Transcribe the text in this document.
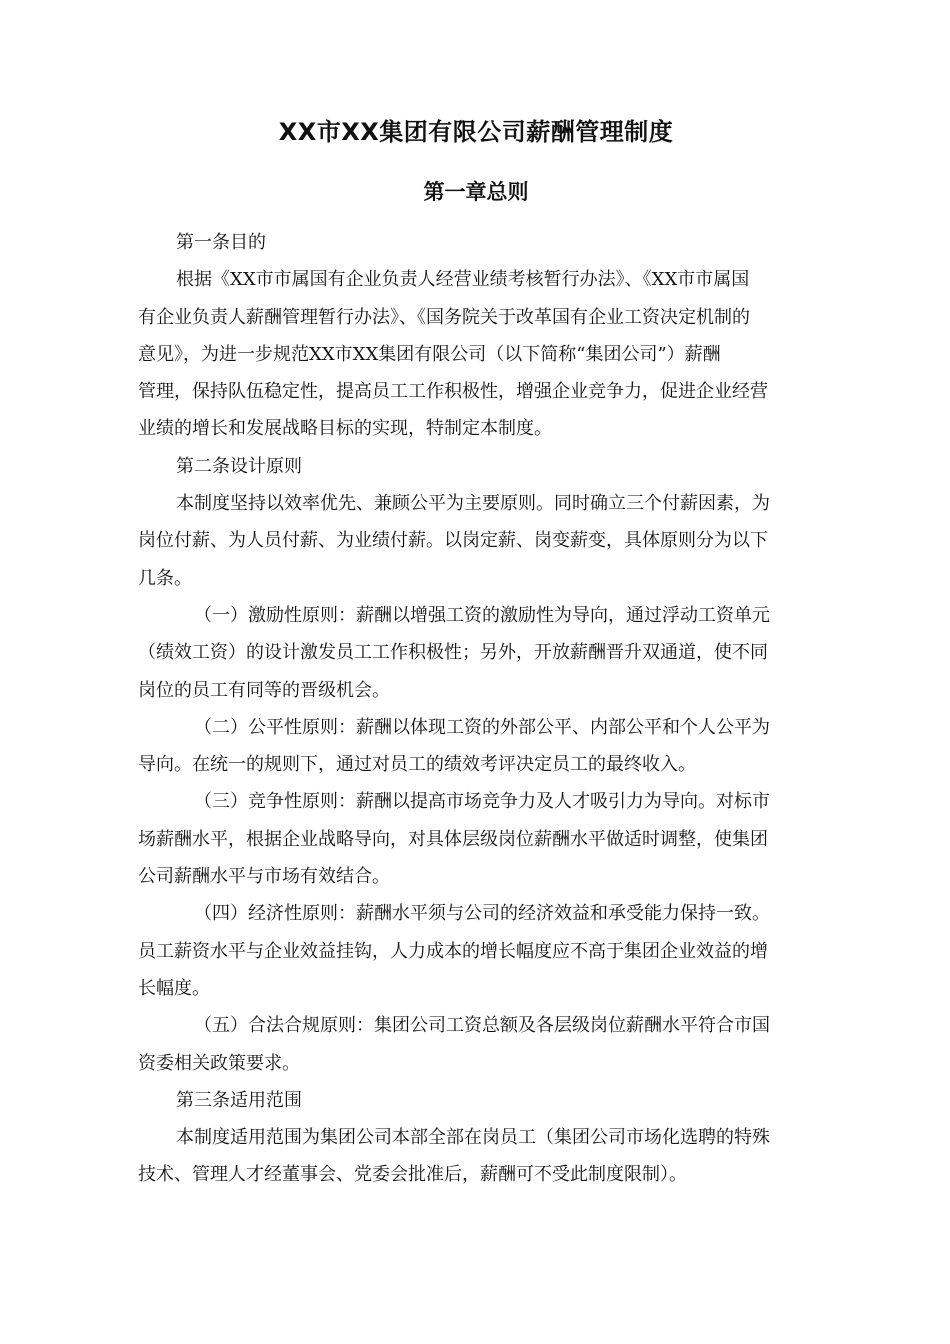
XX市XX集团有限公司薪酬管理制度
第一章总则

第一条目的

根据《XX市市属国有企业负责人经营业绩考核暂行办法》、《XX市市属国
有企业负责人薪酬管理暂行办法》、《国务院关于改革国有企业工资决定机制的
意见》，为进一步规范XX市XX集团有限公司（以下简称“集团公司”）薪酬
管理，保持队伍稳定性，提高员工工作积极性，增强企业竞争力，促进企业经营
业绩的增长和发展战略目标的实现，特制定本制度。

第二条设计原则

本制度坚持以效率优先、兼顾公平为主要原则。同时确立三个付薪因素，为
岗位付薪、为人员付薪、为业绩付薪。以岗定薪、岗变薪变，具体原则分为以下
几条。

（一）激励性原则：薪酬以增强工资的激励性为导向，通过浮动工资单元
（绩效工资）的设计激发员工工作积极性；另外，开放薪酬晋升双通道，使不同
岗位的员工有同等的晋级机会。

（二）公平性原则：薪酬以体现工资的外部公平、内部公平和个人公平为
导向。在统一的规则下，通过对员工的绩效考评决定员工的最终收入。

（三）竞争性原则：薪酬以提高市场竞争力及人才吸引力为导向。对标市
场薪酬水平，根据企业战略导向，对具体层级岗位薪酬水平做适时调整，使集团
公司薪酬水平与市场有效结合。

（四）经济性原则：薪酬水平须与公司的经济效益和承受能力保持一致。
员工薪资水平与企业效益挂钩，人力成本的增长幅度应不高于集团企业效益的增
长幅度。

（五）合法合规原则：集团公司工资总额及各层级岗位薪酬水平符合市国
资委相关政策要求。

第三条适用范围

本制度适用范围为集团公司本部全部在岗员工（集团公司市场化选聘的特殊
技术、管理人才经董事会、党委会批准后，薪酬可不受此制度限制）。
